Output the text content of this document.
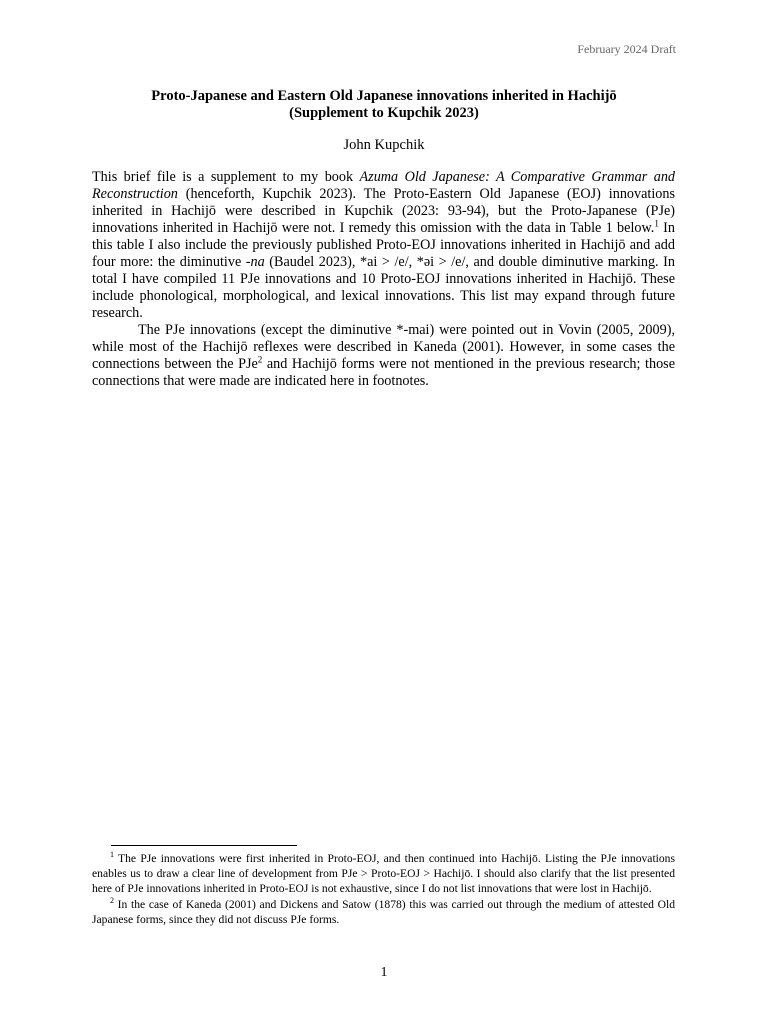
February 2024 Draft
Proto-Japanese and Eastern Old Japanese innovations inherited in Hachijō
(Supplement to Kupchik 2023)
John Kupchik

This brief file is a supplement to my book Azuma Old Japanese: A Comparative Grammar and Reconstruction (henceforth, Kupchik 2023). The Proto-Eastern Old Japanese (EOJ) innovations inherited in Hachijō were described in Kupchik (2023: 93-94), but the Proto-Japanese (PJe) innovations inherited in Hachijō were not. I remedy this omission with the data in Table 1 below.$^1$ In this table I also include the previously published Proto-EOJ innovations inherited in Hachijō and add four more: the diminutive -na (Baudel 2023), *ai > /e/, *əi > /e/, and double diminutive marking. In total I have compiled 11 PJe innovations and 10 Proto-EOJ innovations inherited in Hachijō. These include phonological, morphological, and lexical innovations. This list may expand through future research.

The PJe innovations (except the diminutive *-mai) were pointed out in Vovin (2005, 2009), while most of the Hachijō reflexes were described in Kaneda (2001). However, in some cases the connections between the PJe$^2$ and Hachijō forms were not mentioned in the previous research; those connections that were made are indicated here in footnotes.

$^1$ The PJe innovations were first inherited in Proto-EOJ, and then continued into Hachijō. Listing the PJe innovations enables us to draw a clear line of development from PJe > Proto-EOJ > Hachijō. I should also clarify that the list presented here of PJe innovations inherited in Proto-EOJ is not exhaustive, since I do not list innovations that were lost in Hachijō.

$^2$ In the case of Kaneda (2001) and Dickens and Satow (1878) this was carried out through the medium of attested Old Japanese forms, since they did not discuss PJe forms.

1
